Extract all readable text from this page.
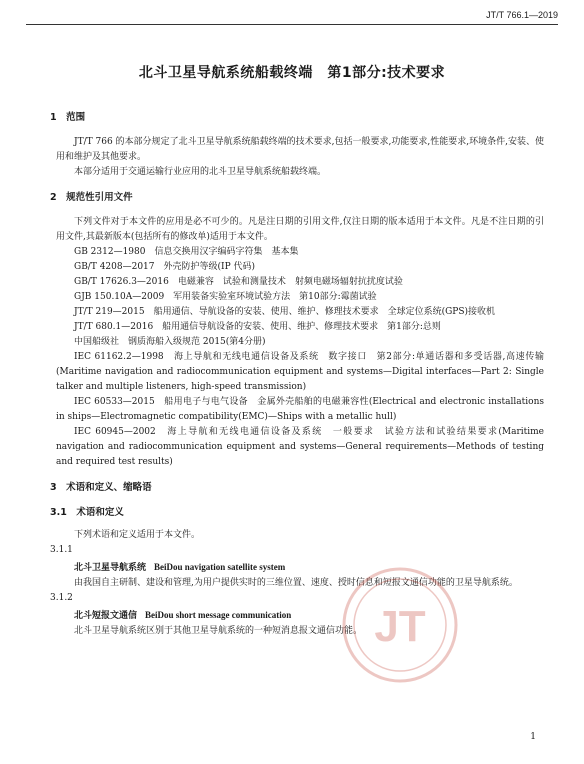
JT/T 766.1—2019
北斗卫星导航系统船载终端　第1部分:技术要求
1　范围

JT/T 766 的本部分规定了北斗卫星导航系统船载终端的技术要求,包括一般要求,功能要求,性能要求,环境条件,安装、使用和维护及其他要求。

本部分适用于交通运输行业应用的北斗卫星导航系统船载终端。

2　规范性引用文件

下列文件对于本文件的应用是必不可少的。凡是注日期的引用文件,仅注日期的版本适用于本文件。凡是不注日期的引用文件,其最新版本(包括所有的修改单)适用于本文件。

GB 2312—1980　信息交换用汉字编码字符集　基本集

GB/T 4208—2017　外壳防护等级(IP 代码)

GB/T 17626.3—2016　电磁兼容　试验和测量技术　射频电磁场辐射抗扰度试验

GJB 150.10A—2009　军用装备实验室环境试验方法　第10部分:霉菌试验

JT/T 219—2015　船用通信、导航设备的安装、使用、维护、修理技术要求　全球定位系统(GPS)接收机

JT/T 680.1—2016　船用通信导航设备的安装、使用、维护、修理技术要求　第1部分:总则

中国船级社　钢质海船入级规范 2015(第4分册)

IEC 61162.2—1998　海上导航和无线电通信设备及系统　数字接口　第2部分:单通话器和多受话器,高速传输(Maritime navigation and radiocommunication equipment and systems—Digital interfaces—Part 2: Single talker and multiple listeners, high-speed transmission)

IEC 60533—2015　船用电子与电气设备　金属外壳船舶的电磁兼容性(Electrical and electronic installations in ships—Electromagnetic compatibility(EMC)—Ships with a metallic hull)

IEC 60945—2002　海上导航和无线电通信设备及系统　一般要求　试验方法和试验结果要求(Maritime navigation and radiocommunication equipment and systems—General requirements—Methods of testing and required test results)

3　术语和定义、缩略语
3.1　术语和定义

下列术语和定义适用于本文件。

3.1.1

北斗卫星导航系统 BeiDou navigation satellite system

由我国自主研制、建设和管理,为用户提供实时的三维位置、速度、授时信息和短报文通信功能的卫星导航系统。

3.1.2

北斗短报文通信 BeiDou short message communication

北斗卫星导航系统区别于其他卫星导航系统的一种短消息报文通信功能。 JT
1
